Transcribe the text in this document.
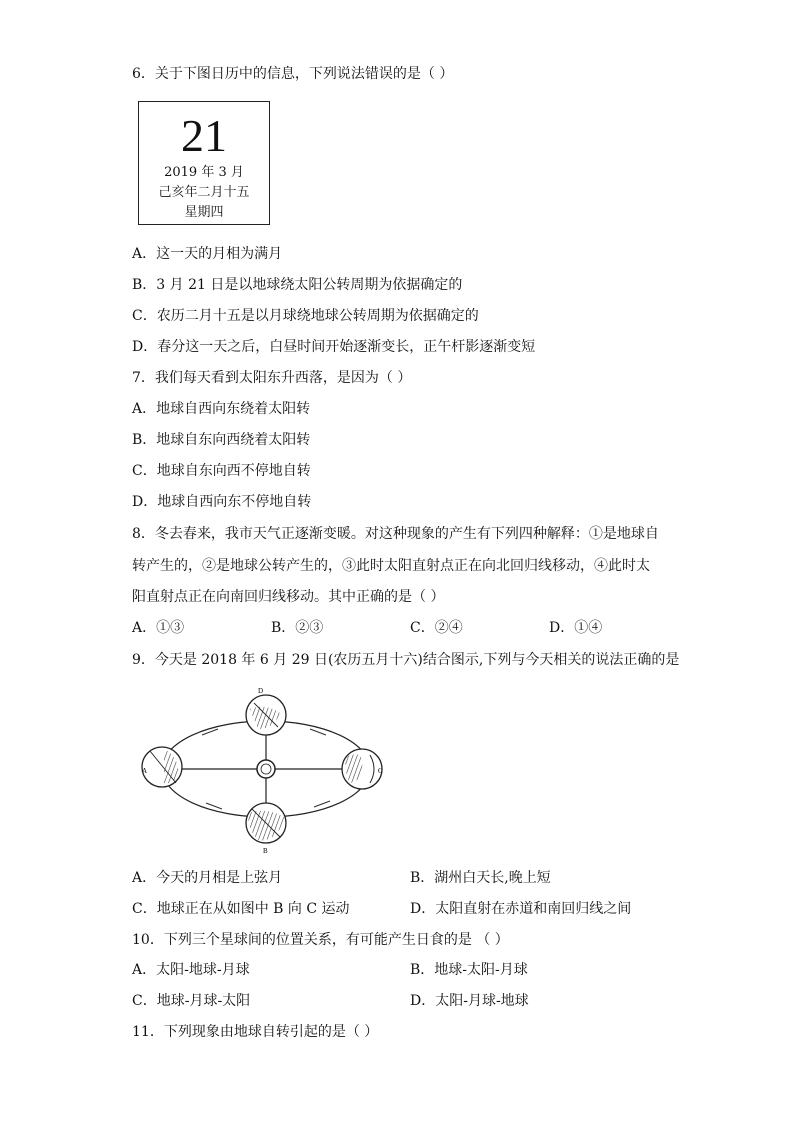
6．关于下图日历中的信息，下列说法错误的是（ ）
21
2019 年 3 月
己亥年二月十五
星期四
A．这一天的月相为满月
B．3 月 21 日是以地球绕太阳公转周期为依据确定的
C．农历二月十五是以月球绕地球公转周期为依据确定的
D．春分这一天之后，白昼时间开始逐渐变长，正午杆影逐渐变短
7．我们每天看到太阳东升西落，是因为（ ）
A．地球自西向东绕着太阳转
B．地球自东向西绕着太阳转
C．地球自东向西不停地自转
D．地球自西向东不停地自转
8．冬去春来，我市天气正逐渐变暖。对这种现象的产生有下列四种解释：①是地球自
转产生的，②是地球公转产生的，③此时太阳直射点正在向北回归线移动，④此时太
阳直射点正在向南回归线移动。其中正确的是（ ）
A．①③	B．②③	C．②④	D．①④
9．今天是 2018 年 6 月 29 日(农历五月十六)结合图示,下列与今天相关的说法正确的是
A
B
C
D
A．今天的月相是上弦月	B．湖州白天长,晚上短
C．地球正在从如图中 B 向 C 运动	D．太阳直射在赤道和南回归线之间
10．下列三个星球间的位置关系，有可能产生日食的是 （ ）
A．太阳-地球-月球	B．地球-太阳-月球
C．地球-月球-太阳	D．太阳-月球-地球
11．下列现象由地球自转引起的是（ ）
